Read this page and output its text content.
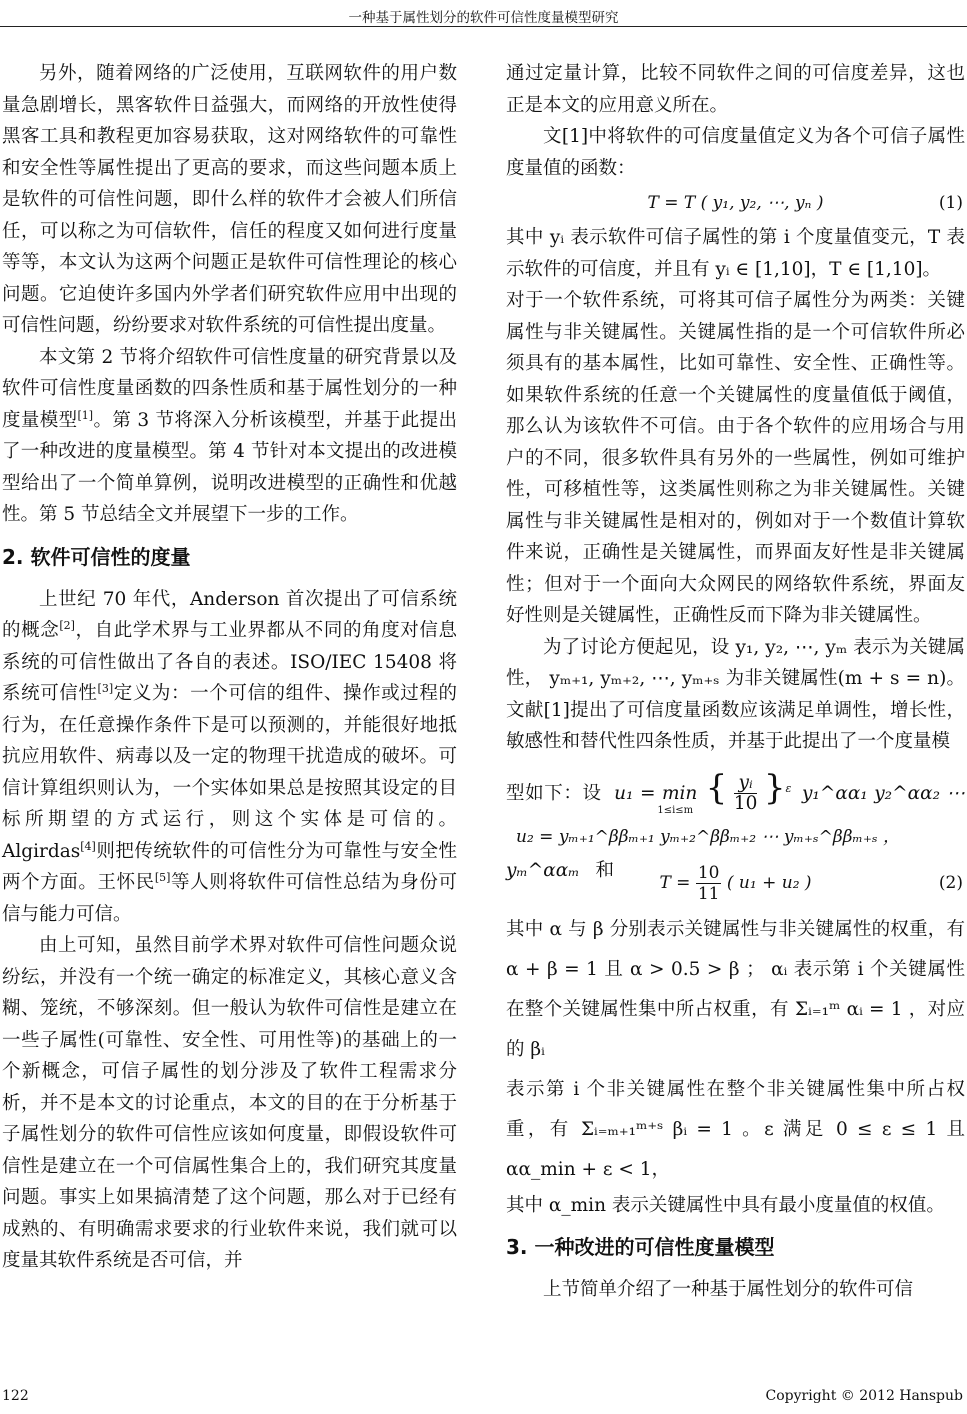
一种基于属性划分的软件可信性度量模型研究

另外，随着网络的广泛使用，互联网软件的用户数量急剧增长，黑客软件日益强大，而网络的开放性使得黑客工具和教程更加容易获取，这对网络软件的可靠性和安全性等属性提出了更高的要求，而这些问题本质上是软件的可信性问题，即什么样的软件才会被人们所信任，可以称之为可信软件，信任的程度又如何进行度量等等，本文认为这两个问题正是软件可信性理论的核心问题。它迫使许多国内外学者们研究软件应用中出现的可信性问题，纷纷要求对软件系统的可信性提出度量。

本文第 2 节将介绍软件可信性度量的研究背景以及软件可信性度量函数的四条性质和基于属性划分的一种度量模型[1]。第 3 节将深入分析该模型，并基于此提出了一种改进的度量模型。第 4 节针对本文提出的改进模型给出了一个简单算例，说明改进模型的正确性和优越性。第 5 节总结全文并展望下一步的工作。

2. 软件可信性的度量

上世纪 70 年代，Anderson 首次提出了可信系统的概念[2]，自此学术界与工业界都从不同的角度对信息系统的可信性做出了各自的表述。ISO/IEC 15408 将系统可信性[3]定义为：一个可信的组件、操作或过程的行为，在任意操作条件下是可以预测的，并能很好地抵抗应用软件、病毒以及一定的物理干扰造成的破坏。可信计算组织则认为，一个实体如果总是按照其设定的目标所期望的方式运行，则这个实体是可信的。Algirdas[4]则把传统软件的可信性分为可靠性与安全性两个方面。王怀民[5]等人则将软件可信性总结为身份可信与能力可信。

由上可知，虽然目前学术界对软件可信性问题众说纷纭，并没有一个统一确定的标准定义，其核心意义含糊、笼统，不够深刻。但一般认为软件可信性是建立在一些子属性(可靠性、安全性、可用性等)的基础上的一个新概念，可信子属性的划分涉及了软件工程需求分析，并不是本文的讨论重点，本文的目的在于分析基于子属性划分的软件可信性应该如何度量，即假设软件可信性是建立在一个可信属性集合上的，我们研究其度量问题。事实上如果搞清楚了这个问题，那么对于已经有成熟的、有明确需求要求的行业软件来说，我们就可以度量其软件系统是否可信，并

通过定量计算，比较不同软件之间的可信度差异，这也正是本文的应用意义所在。

文[1]中将软件的可信度量值定义为各个可信子属性度量值的函数：

T = T ( y₁, y₂, ⋯, yₙ )	(1)

其中 yᵢ 表示软件可信子属性的第 i 个度量值变元，T 表示软件的可信度，并且有 yᵢ ∈ [1,10]，T ∈ [1,10]。

对于一个软件系统，可将其可信子属性分为两类：关键属性与非关键属性。关键属性指的是一个可信软件所必须具有的基本属性，比如可靠性、安全性、正确性等。如果软件系统的任意一个关键属性的度量值低于阈值，那么认为该软件不可信。由于各个软件的应用场合与用户的不同，很多软件具有另外的一些属性，例如可维护性，可移植性等，这类属性则称之为非关键属性。关键属性与非关键属性是相对的，例如对于一个数值计算软件来说，正确性是关键属性，而界面友好性是非关键属性；但对于一个面向大众网民的网络软件系统，界面友好性则是关键属性，正确性反而下降为非关键属性。

为了讨论方便起见，设 y₁, y₂, ⋯, yₘ 表示为关键属性， yₘ₊₁, yₘ₊₂, ⋯, yₘ₊ₛ 为非关键属性(m + s = n)。文献[1]提出了可信度量函数应该满足单调性，增长性，敏感性和替代性四条性质，并基于此提出了一个度量模

型如下：设 $u_1 = \min_{1\le i\le m}$ { $\frac{\text{yᵢ}}{10} \}^\varepsilon$ y₁^αα₁ y₂^αα₂ ⋯ yₘ^ααₘ 和
u₂ = yₘ₊₁^ββₘ₊₁ yₘ₊₂^ββₘ₊₂ ⋯ yₘ₊ₛ^ββₘ₊ₛ ，
$T = \frac{10}{11}$ ( u₁ + u₂ )	(2)

其中 α 与 β 分别表示关键属性与非关键属性的权重，有 α + β = 1 且 α > 0.5 > β ； αᵢ 表示第 i 个关键属性在整个关键属性集中所占权重，有 Σᵢ₌₁ᵐ αᵢ = 1 ，对应的 βᵢ

表示第 i 个非关键属性在整个非关键属性集中所占权重，有 Σᵢ₌ₘ₊₁ᵐ⁺ˢ βᵢ = 1 。ε 满足 0 ≤ ε ≤ 1 且 αα_min + ε < 1，

其中 α_min 表示关键属性中具有最小度量值的权值。

3. 一种改进的可信性度量模型

上节简单介绍了一种基于属性划分的软件可信

122	Copyright © 2012 Hanspub
